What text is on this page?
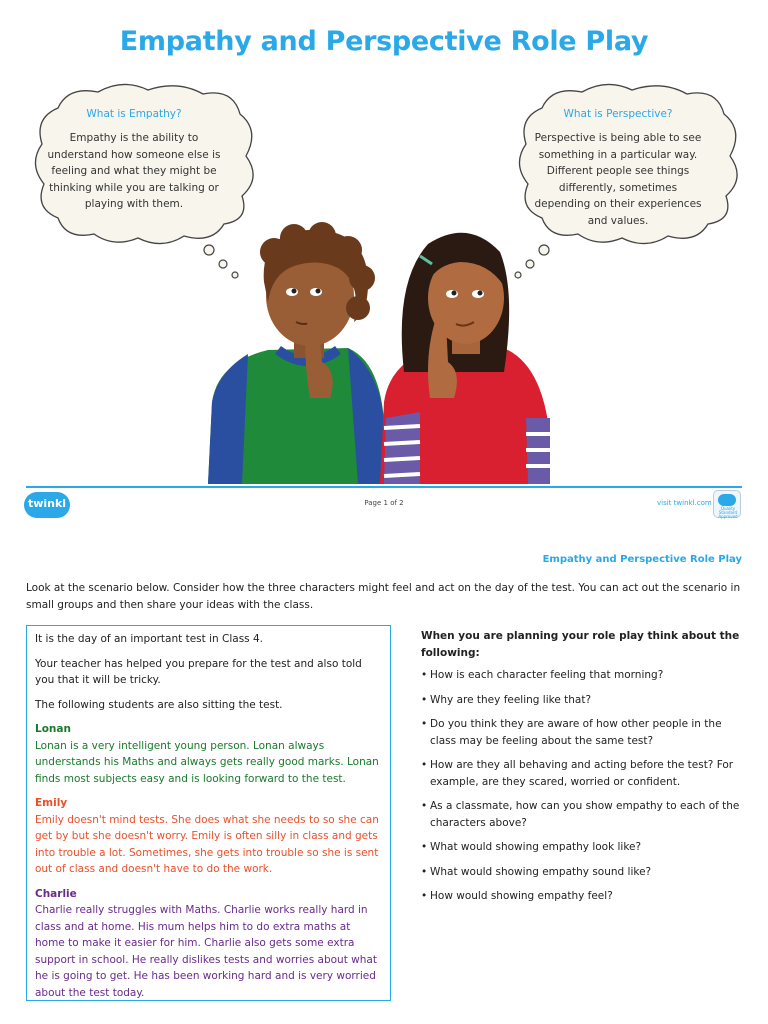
Empathy and Perspective Role Play
What is Empathy?
Empathy is the ability to understand how someone else is feeling and what they might be thinking while you are talking or playing with them.
What is Perspective?
Perspective is being able to see something in a particular way. Different people see things differently, sometimes depending on their experiences and values.
twinkl	Page 1 of 2	visit twinkl.com
Quality Standard Approved
Empathy and Perspective Role Play
Look at the scenario below. Consider how the three characters might feel and act on the day of the test. You can act out the scenario in small groups and then share your ideas with the class.

It is the day of an important test in Class 4.

Your teacher has helped you prepare for the test and also told you that it will be tricky.

The following students are also sitting the test.

Lonan

Lonan is a very intelligent young person. Lonan always understands his Maths and always gets really good marks. Lonan finds most subjects easy and is looking forward to the test.

Emily

Emily doesn't mind tests. She does what she needs to so she can get by but she doesn't worry. Emily is often silly in class and gets into trouble a lot. Sometimes, she gets into trouble so she is sent out of class and doesn't have to do the work.

Charlie

Charlie really struggles with Maths. Charlie works really hard in class and at home. His mum helps him to do extra maths at home to make it easier for him. Charlie also gets some extra support in school. He really dislikes tests and worries about what he is going to get. He has been working hard and is very worried about the test today.

When you are planning your role play think about the following:
• How is each character feeling that morning?
• Why are they feeling like that?
• Do you think they are aware of how other people in the class may be feeling about the same test?
• How are they all behaving and acting before the test? For example, are they scared, worried or confident.
• As a classmate, how can you show empathy to each of the characters above?
• What would showing empathy look like?
• What would showing empathy sound like?
• How would showing empathy feel?
